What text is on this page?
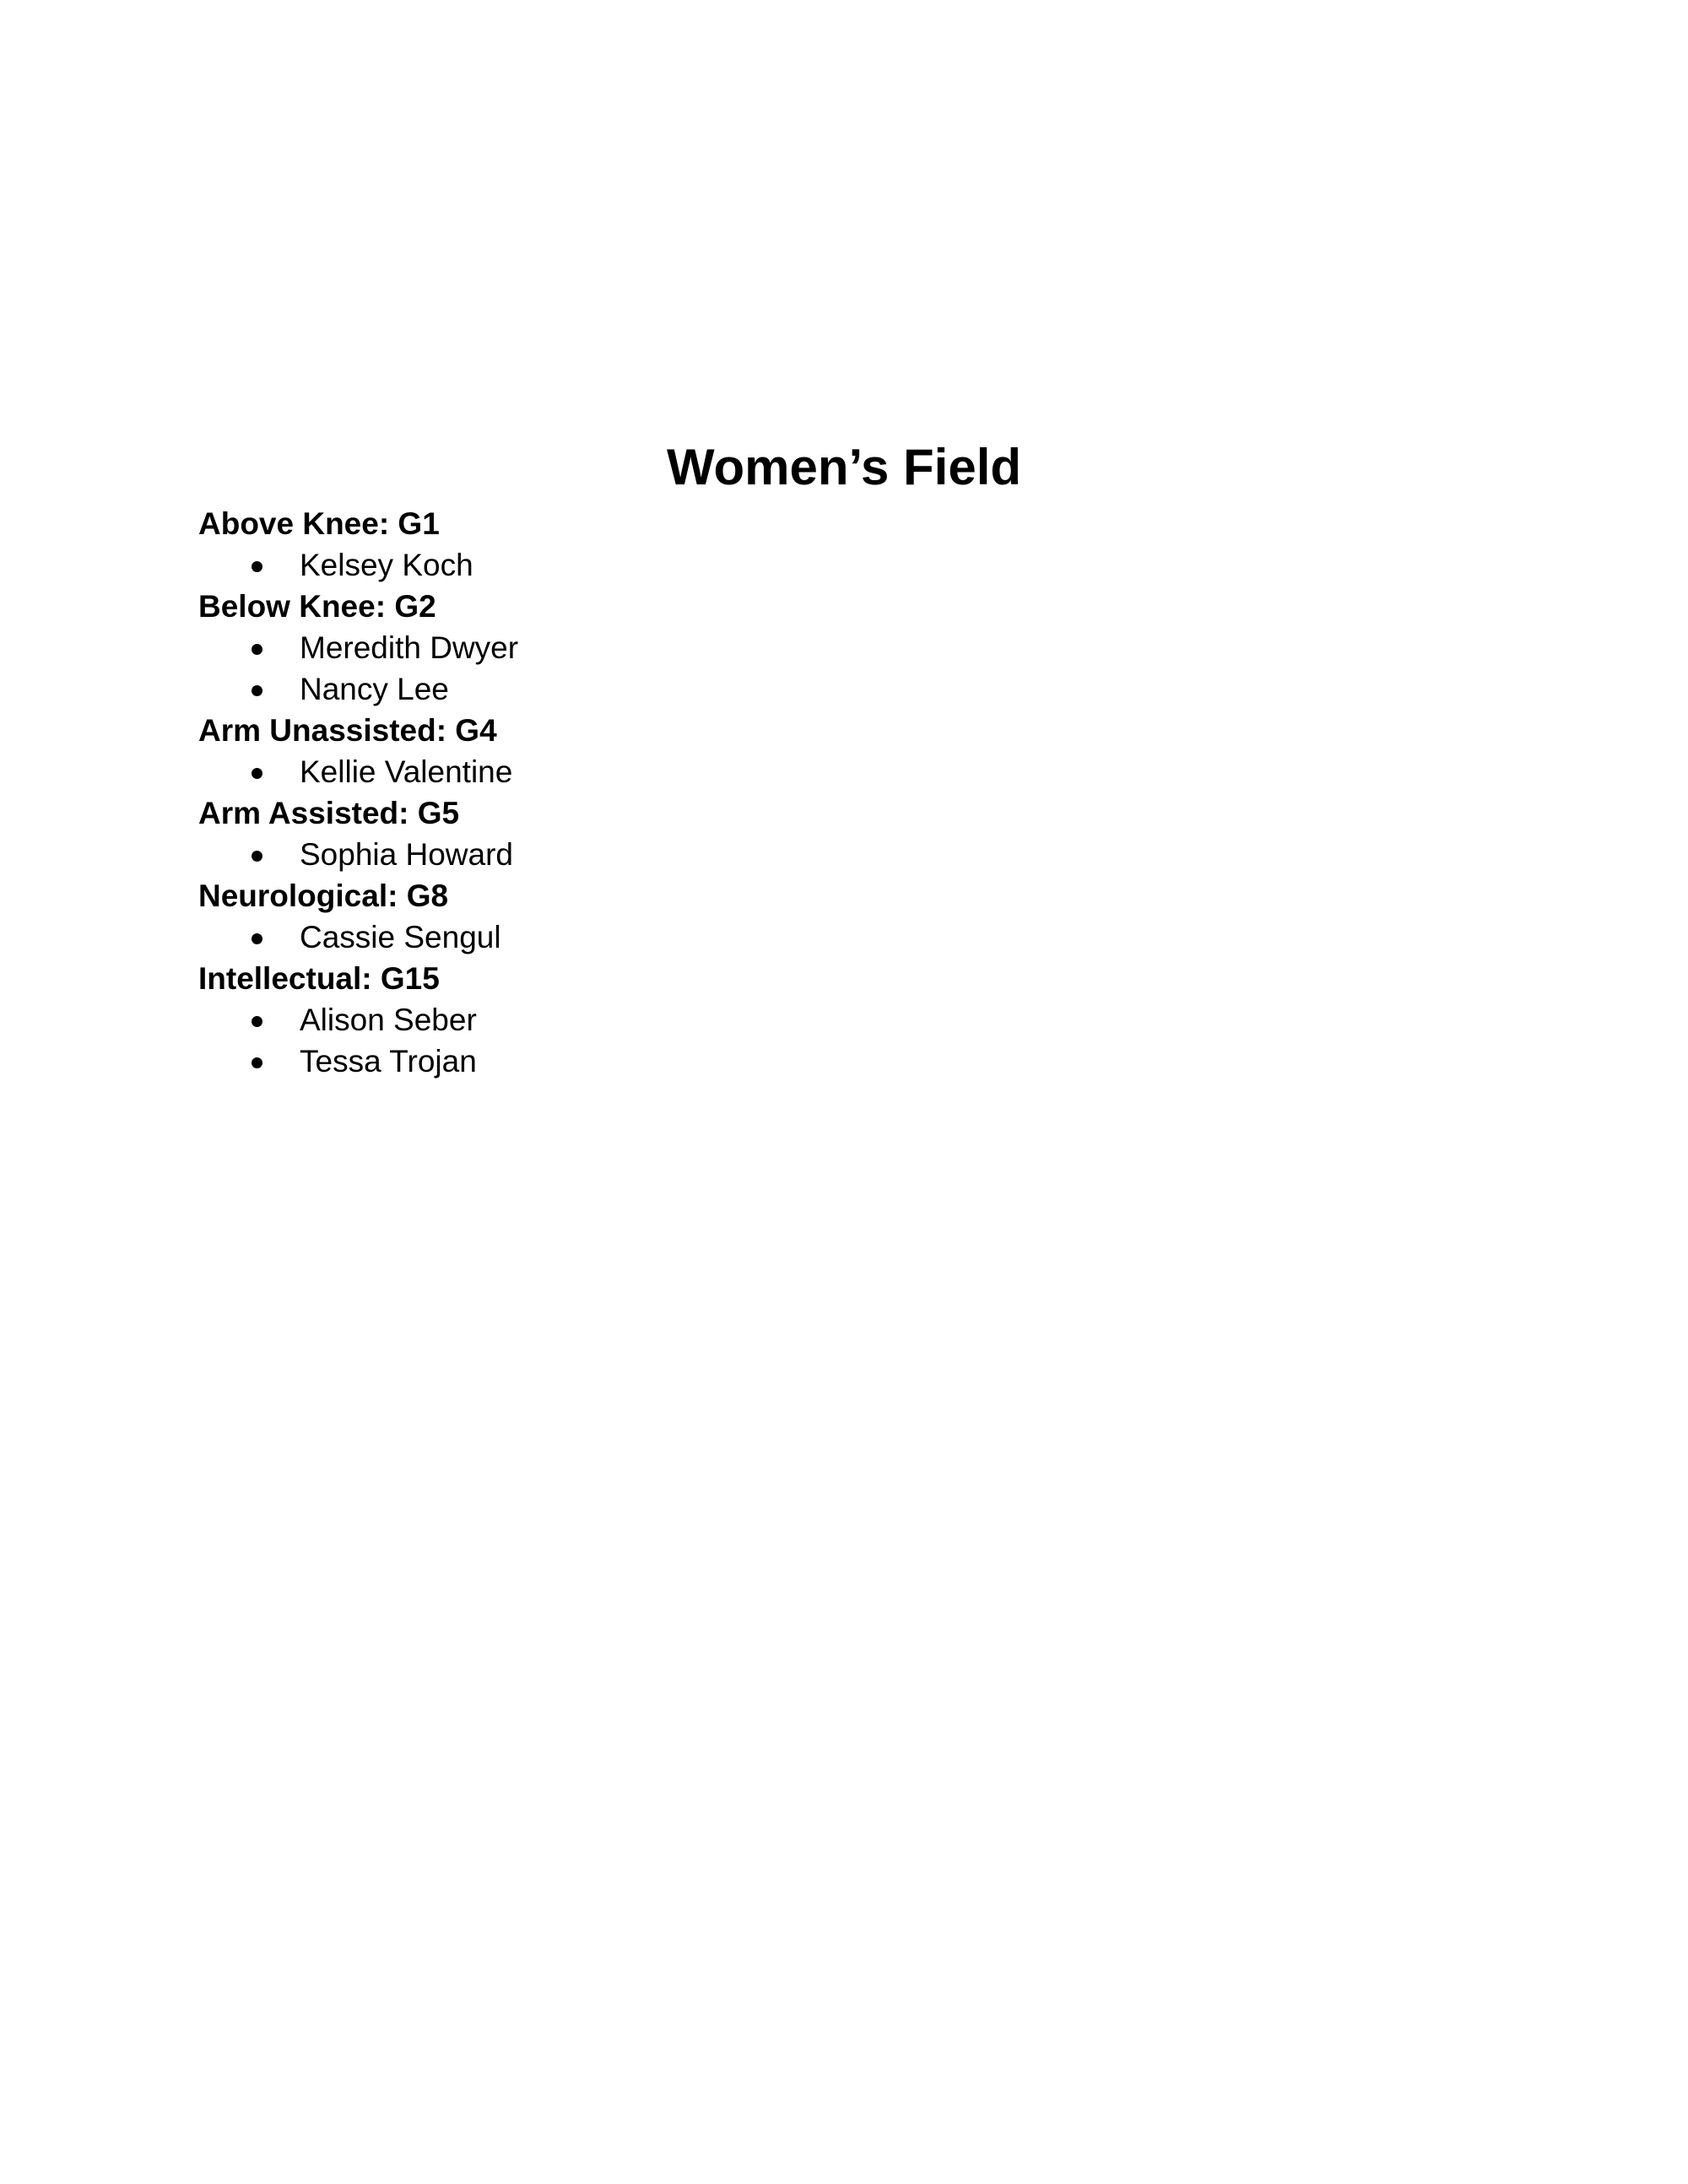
Women’s Field
Above Knee: G1
Kelsey Koch
Below Knee: G2
Meredith Dwyer
Nancy Lee
Arm Unassisted: G4
Kellie Valentine
Arm Assisted: G5
Sophia Howard
Neurological: G8
Cassie Sengul
Intellectual: G15
Alison Seber
Tessa Trojan
